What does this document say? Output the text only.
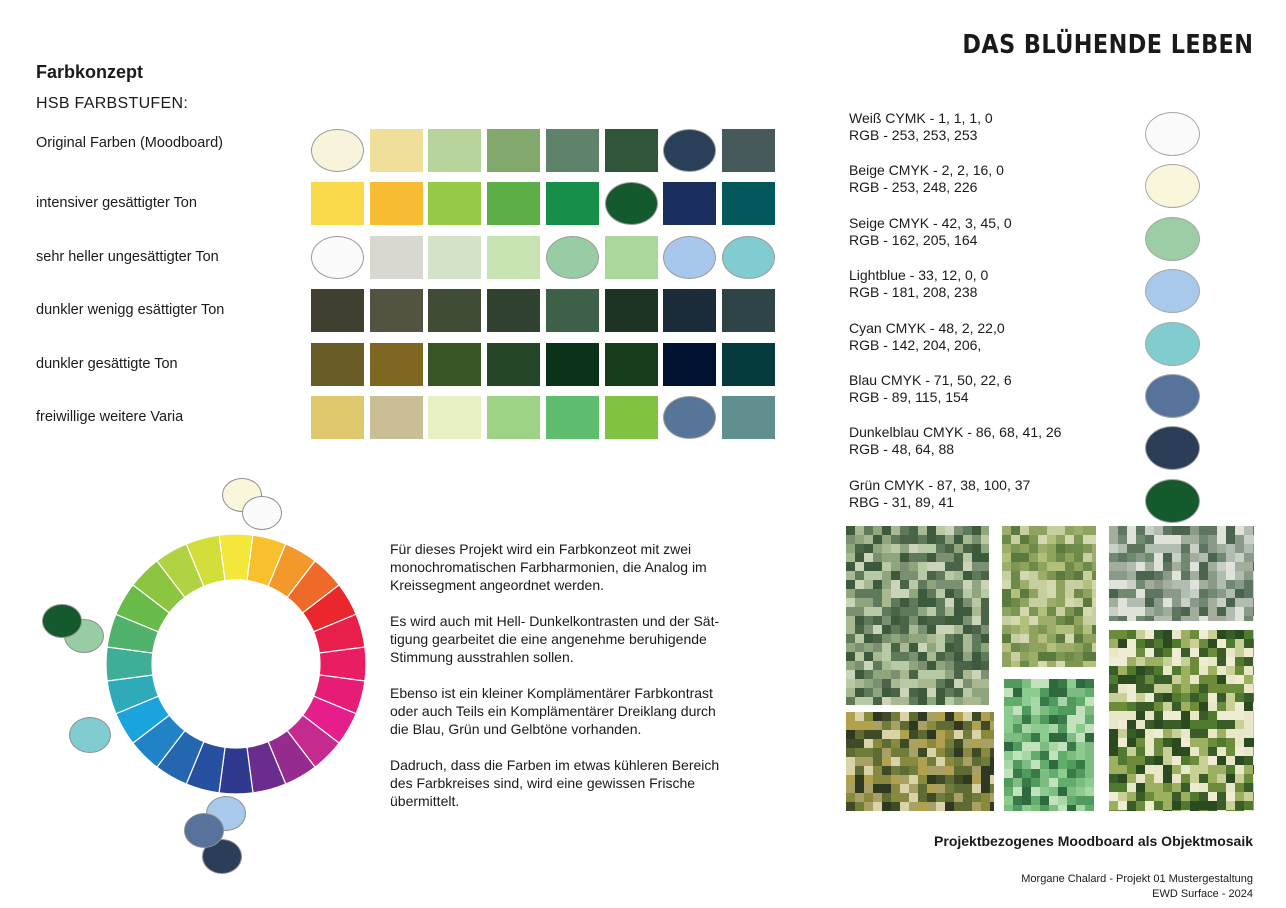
DAS BLÜHENDE LEBEN
Farbkonzept
HSB FARBSTUFEN:
Original Farben (Moodboard)
intensiver gesättigter Ton
sehr heller ungesättigter Ton
dunkler wenigg esättigter Ton
dunkler gesättigte Ton
freiwillige weitere Varia
Weiß CYMK - 1, 1, 1, 0
RGB - 253, 253, 253
Beige CMYK - 2, 2, 16, 0
RGB - 253, 248, 226
Seige CMYK - 42, 3, 45, 0
RGB - 162, 205, 164
Lightblue - 33, 12, 0, 0
RGB - 181, 208, 238
Cyan CMYK - 48, 2, 22,0
RGB - 142, 204, 206,
Blau CMYK - 71, 50, 22, 6
RGB - 89, 115, 154
Dunkelblau CMYK - 86, 68, 41, 26
RGB - 48, 64, 88
Grün CMYK - 87, 38, 100, 37
RBG - 31, 89, 41

Für dieses Projekt wird ein Farbkonzeot mit zwei
monochromatischen Farbharmonien, die Analog im
Kreissegment angeordnet werden.

Es wird auch mit Hell- Dunkelkontrasten und der Sät-
tigung gearbeitet die eine angenehme beruhigende
Stimmung ausstrahlen sollen.

Ebenso ist ein kleiner Komplämentärer Farbkontrast
oder auch Teils ein Komplämentärer Dreiklang durch
die Blau, Grün und Gelbtöne vorhanden.

Dadruch, dass die Farben im etwas kühleren Bereich
des Farbkreises sind, wird eine gewissen Frische
übermittelt.

Projektbezogenes Moodboard als Objektmosaik
Morgane Chalard - Projekt 01 Mustergestaltung
EWD Surface - 2024
